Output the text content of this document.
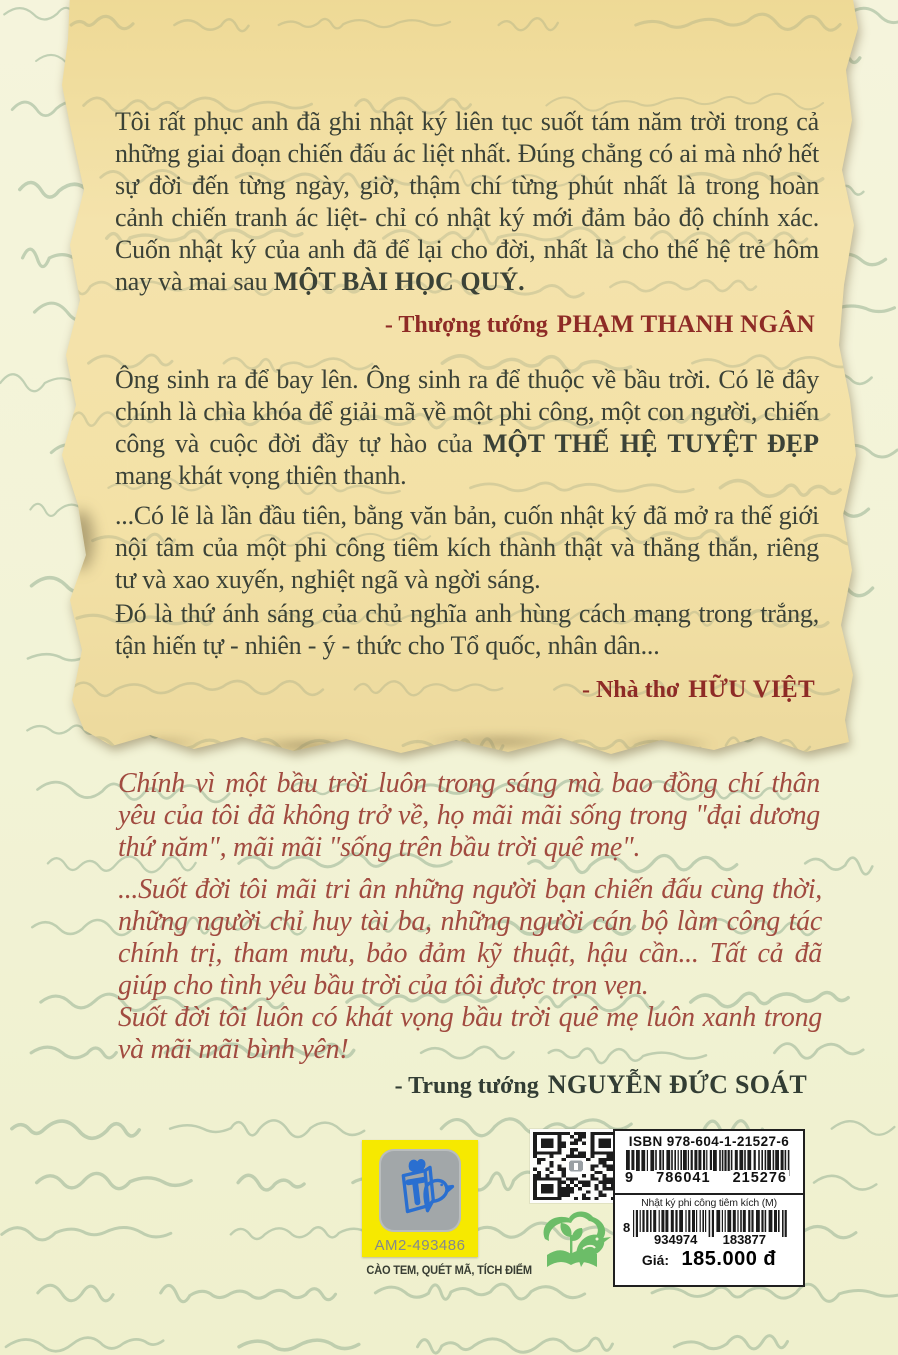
Tôi rất phục anh đã ghi nhật ký liên tục suốt tám năm trời trong cả những giai đoạn chiến đấu ác liệt nhất. Đúng chẳng có ai mà nhớ hết sự đời đến từng ngày, giờ, thậm chí từng phút nhất là trong hoàn cảnh chiến tranh ác liệt- chỉ có nhật ký mới đảm bảo độ chính xác. Cuốn nhật ký của anh đã để lại cho đời, nhất là cho thế hệ trẻ hôm nay và mai sau MỘT BÀI HỌC QUÝ.

- Thượng tướng PHẠM THANH NGÂN

Ông sinh ra để bay lên. Ông sinh ra để thuộc về bầu trời. Có lẽ đây chính là chìa khóa để giải mã về một phi công, một con người, chiến công và cuộc đời đầy tự hào của MỘT THẾ HỆ TUYỆT ĐẸP mang khát vọng thiên thanh.

...Có lẽ là lần đầu tiên, bằng văn bản, cuốn nhật ký đã mở ra thế giới nội tâm của một phi công tiêm kích thành thật và thẳng thắn, riêng tư và xao xuyến, nghiệt ngã và ngời sáng.

Đó là thứ ánh sáng của chủ nghĩa anh hùng cách mạng trong trắng, tận hiến tự - nhiên - ý - thức cho Tổ quốc, nhân dân...

- Nhà thơ HỮU VIỆT

Chính vì một bầu trời luôn trong sáng mà bao đồng chí thân yêu của tôi đã không trở về, họ mãi mãi sống trong "đại dương thứ năm", mãi mãi "sống trên bầu trời quê mẹ".

...Suốt đời tôi mãi tri ân những người bạn chiến đấu cùng thời, những người chỉ huy tài ba, những người cán bộ làm công tác chính trị, tham mưu, bảo đảm kỹ thuật, hậu cần... Tất cả đã giúp cho tình yêu bầu trời của tôi được trọn vẹn.

Suốt đời tôi luôn có khát vọng bầu trời quê mẹ luôn xanh trong và mãi mãi bình yên!

- Trung tướng NGUYỄN ĐỨC SOÁT

AM2-493486
CÀO TEM, QUÉT MÃ, TÍCH ĐIỂM
ISBN 978-604-1-21527-6
9 786041 215276
Nhật ký phi công tiêm kích (M)
8
934974 183877
Giá: 185.000 đ
